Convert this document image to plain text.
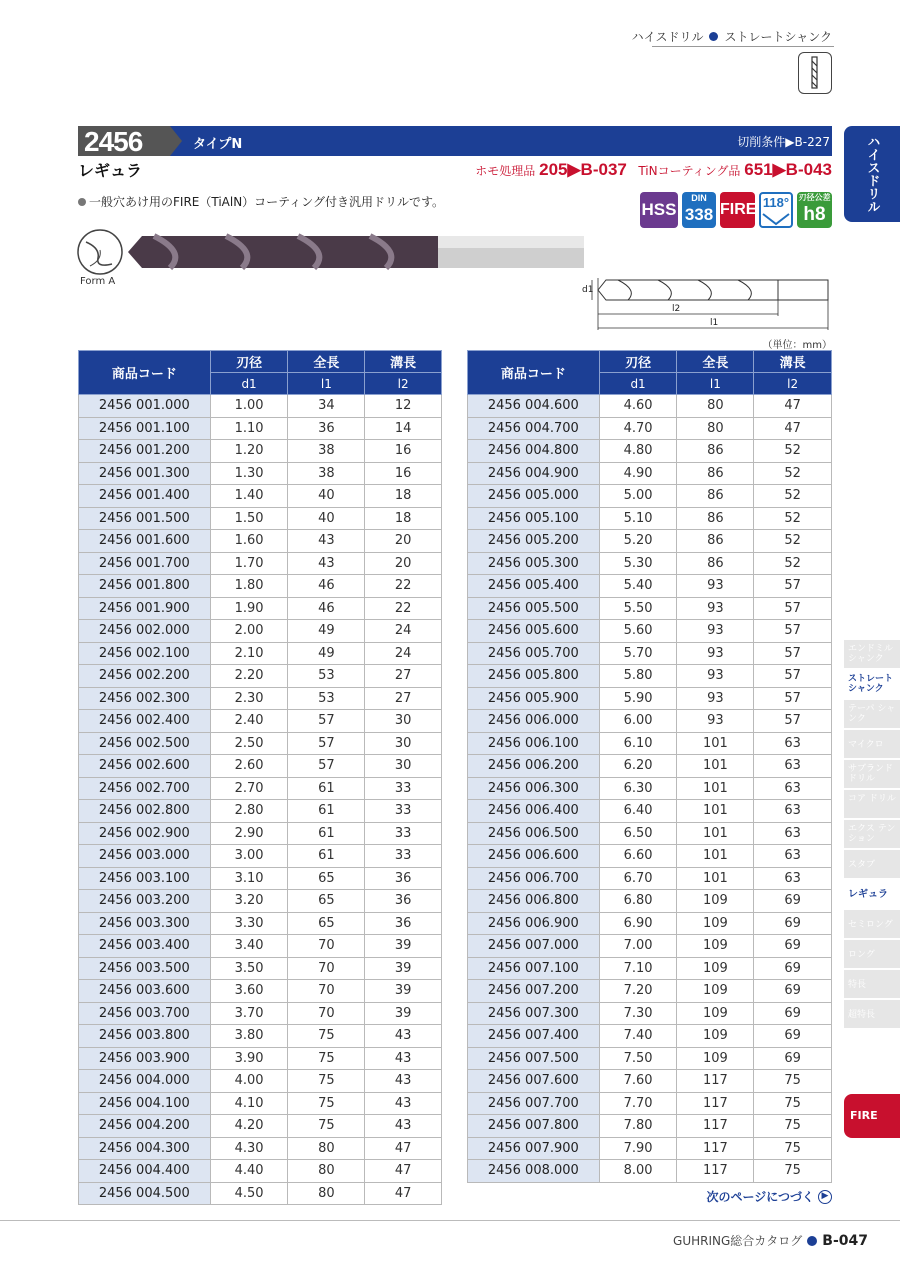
ハイスドリル ストレートシャンク
2456	タイプN	切削条件▶B-227
レギュラ	ホモ処理品 205▶B-037 TiNコーティング品 651▶B-043
一般穴あけ用のFIRE（TiAlN）コーティング付き汎用ドリルです。	HSS
DIN
338 FIRE 118°	刃径公差
h8
Form A
d1
l2
l1
（単位：mm）
ハイスドリル
エンドミル シャンク
ストレート シャンク
テーパ シャンク
マイクロ
サブランド ドリル
コア ドリル
エクス テンション
スタブ
レギュラ
セミロング
ロング
特長
超特長
FIRE
商品コード	刃径	全長	溝長
	d1	l1	l2
2456 001.000	1.00	34	12
2456 001.100	1.10	36	14
2456 001.200	1.20	38	16
2456 001.300	1.30	38	16
2456 001.400	1.40	40	18
2456 001.500	1.50	40	18
2456 001.600	1.60	43	20
2456 001.700	1.70	43	20
2456 001.800	1.80	46	22
2456 001.900	1.90	46	22
2456 002.000	2.00	49	24
2456 002.100	2.10	49	24
2456 002.200	2.20	53	27
2456 002.300	2.30	53	27
2456 002.400	2.40	57	30
2456 002.500	2.50	57	30
2456 002.600	2.60	57	30
2456 002.700	2.70	61	33
2456 002.800	2.80	61	33
2456 002.900	2.90	61	33
2456 003.000	3.00	61	33
2456 003.100	3.10	65	36
2456 003.200	3.20	65	36
2456 003.300	3.30	65	36
2456 003.400	3.40	70	39
2456 003.500	3.50	70	39
2456 003.600	3.60	70	39
2456 003.700	3.70	70	39
2456 003.800	3.80	75	43
2456 003.900	3.90	75	43
2456 004.000	4.00	75	43
2456 004.100	4.10	75	43
2456 004.200	4.20	75	43
2456 004.300	4.30	80	47
2456 004.400	4.40	80	47
2456 004.500	4.50	80	47
商品コード	刃径	全長	溝長
	d1	l1	l2
2456 004.600	4.60	80	47
2456 004.700	4.70	80	47
2456 004.800	4.80	86	52
2456 004.900	4.90	86	52
2456 005.000	5.00	86	52
2456 005.100	5.10	86	52
2456 005.200	5.20	86	52
2456 005.300	5.30	86	52
2456 005.400	5.40	93	57
2456 005.500	5.50	93	57
2456 005.600	5.60	93	57
2456 005.700	5.70	93	57
2456 005.800	5.80	93	57
2456 005.900	5.90	93	57
2456 006.000	6.00	93	57
2456 006.100	6.10	101	63
2456 006.200	6.20	101	63
2456 006.300	6.30	101	63
2456 006.400	6.40	101	63
2456 006.500	6.50	101	63
2456 006.600	6.60	101	63
2456 006.700	6.70	101	63
2456 006.800	6.80	109	69
2456 006.900	6.90	109	69
2456 007.000	7.00	109	69
2456 007.100	7.10	109	69
2456 007.200	7.20	109	69
2456 007.300	7.30	109	69
2456 007.400	7.40	109	69
2456 007.500	7.50	109	69
2456 007.600	7.60	117	75
2456 007.700	7.70	117	75
2456 007.800	7.80	117	75
2456 007.900	7.90	117	75
2456 008.000	8.00	117	75
次のページにつづく ▶
GUHRING総合カタログ B-047
